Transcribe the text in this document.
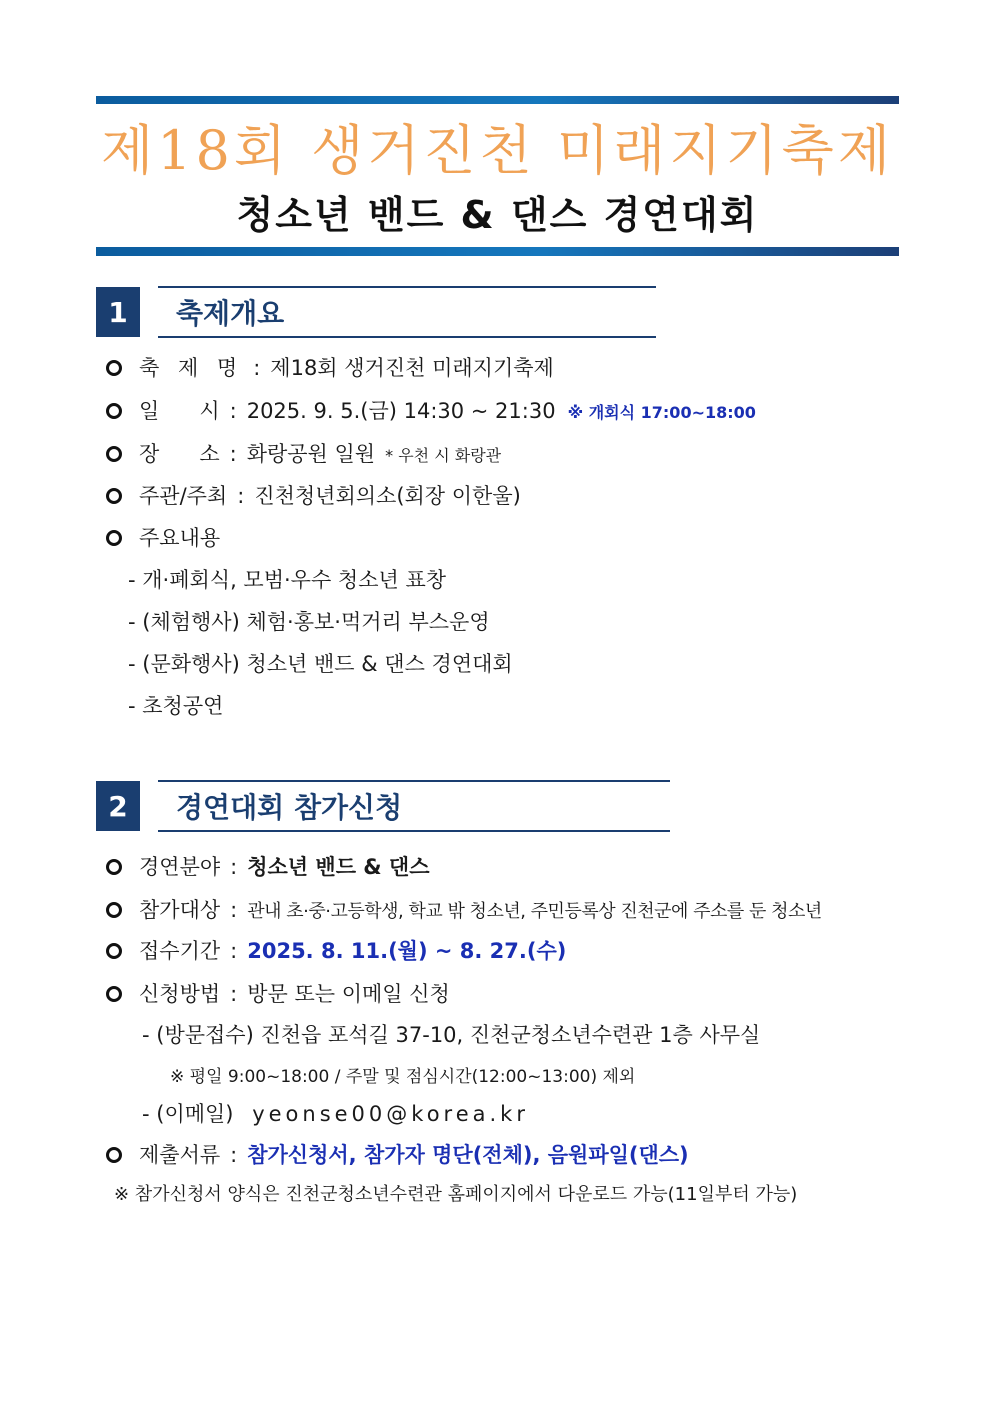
제18회 생거진천 미래지기축제
청소년 밴드 & 댄스 경연대회
1	축제개요
축 제 명 : 제18회 생거진천 미래지기축제
일      시 : 2025. 9. 5.(금) 14:30 ~ 21:30 ※ 개회식 17:00~18:00
장      소 : 화랑공원 일원 * 우천 시 화랑관
주관/주최 : 진천청년회의소(회장 이한울)
주요내용
- 개·폐회식, 모범·우수 청소년 표창
- (체험행사) 체험·홍보·먹거리 부스운영
- (문화행사) 청소년 밴드 & 댄스 경연대회
- 초청공연
2	경연대회 참가신청
경연분야 : 청소년 밴드 & 댄스
참가대상 : 관내 초·중·고등학생, 학교 밖 청소년, 주민등록상 진천군에 주소를 둔 청소년
접수기간 : 2025. 8. 11.(월) ~ 8. 27.(수)
신청방법 : 방문 또는 이메일 신청
- (방문접수) 진천읍 포석길 37-10, 진천군청소년수련관 1층 사무실
※ 평일 9:00~18:00 / 주말 및 점심시간(12:00~13:00) 제외
- (이메일) yeonse00@korea.kr
제출서류 : 참가신청서, 참가자 명단(전체), 음원파일(댄스)
※ 참가신청서 양식은 진천군청소년수련관 홈페이지에서 다운로드 가능(11일부터 가능)
